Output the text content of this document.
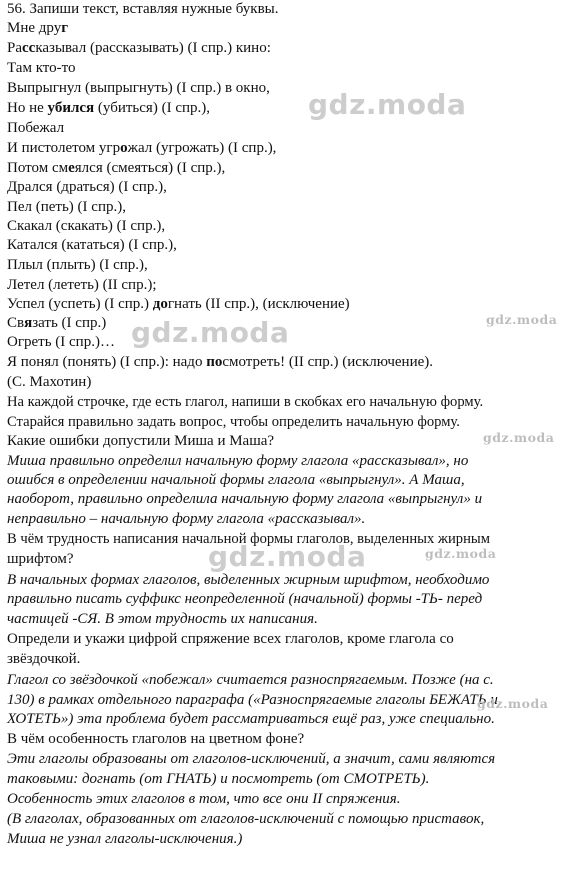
56. Запиши текст, вставляя нужные буквы.
Мне друг
Рассказывал (рассказывать) (I спр.) кино:
Там кто-то
Выпрыгнул (выпрыгнуть) (I спр.) в окно,
Но не убился (убиться) (I спр.),
Побежал
И пистолетом угрожал (угрожать) (I спр.),
Потом смеялся (смеяться) (I спр.),
Дрался (драться) (I спр.),
Пел (петь) (I спр.),
Скакал (скакать) (I спр.),
Катался (кататься) (I спр.),
Плыл (плыть) (I спр.),
Летел (лететь) (II спр.);
Успел (успеть) (I спр.) догнать (II спр.), (исключение)
Связать (I спр.)
Огреть (I спр.)…
Я понял (понять) (I спр.): надо посмотреть! (II спр.) (исключение).
(С. Махотин)
На каждой строчке, где есть глагол, напиши в скобках его начальную форму.
Старайся правильно задать вопрос, чтобы определить начальную форму.
Какие ошибки допустили Миша и Маша?
Миша правильно определил начальную форму глагола «рассказывал», но
ошибся в определении начальной формы глагола «выпрыгнул». А Маша,
наоборот, правильно определила начальную форму глагола «выпрыгнул» и
неправильно – начальную форму глагола «рассказывал».
В чём трудность написания начальной формы глаголов, выделенных жирным
шрифтом?
В начальных формах глаголов, выделенных жирным шрифтом, необходимо
правильно писать суффикс неопределенной (начальной) формы -ТЬ- перед
частицей -СЯ. В этом трудность их написания.
Определи и укажи цифрой спряжение всех глаголов, кроме глагола со
звёздочкой.
Глагол со звёздочкой «побежал» считается разноспрягаемым. Позже (на с.
130) в рамках отдельного параграфа («Разноспрягаемые глаголы БЕЖАТЬ и
ХОТЕТЬ») эта проблема будет рассматриваться ещё раз, уже специально.
В чём особенность глаголов на цветном фоне?
Эти глаголы образованы от глаголов-исключений, а значит, сами являются
таковыми: догнать (от ГНАТЬ) и посмотреть (от СМОТРЕТЬ).
Особенность этих глаголов в том, что все они II спряжения.
(В глаголах, образованных от глаголов-исключений с помощью приставок,
Миша не узнал глаголы-исключения.)
gdz.moda
gdz.moda
gdz.moda
gdz.moda
gdz.moda	gdz.moda
gdz.moda
